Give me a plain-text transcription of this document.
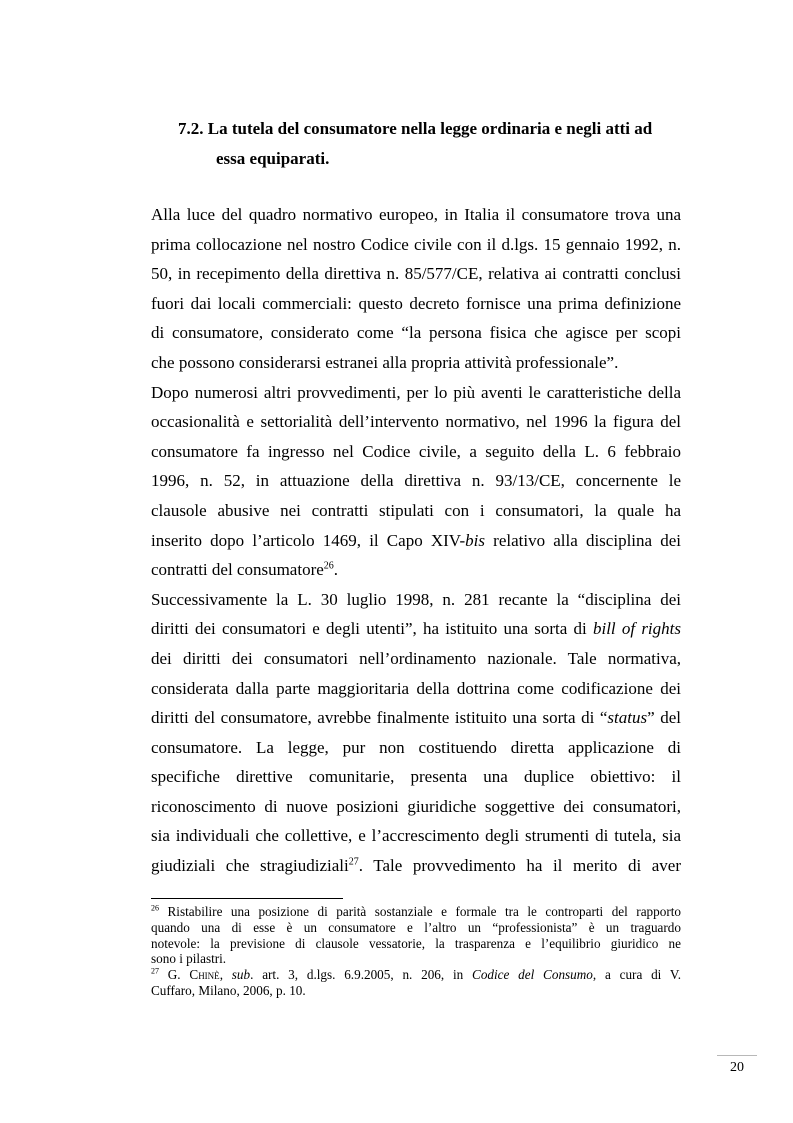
7.2. La tutela del consumatore nella legge ordinaria e negli atti ad
essa equiparati.

Alla luce del quadro normativo europeo, in Italia il consumatore trova una
prima collocazione nel nostro Codice civile con il d.lgs. 15 gennaio 1992, n.
50, in recepimento della direttiva n. 85/577/CE, relativa ai contratti conclusi
fuori dai locali commerciali: questo decreto fornisce una prima definizione
di consumatore, considerato come “la persona fisica che agisce per scopi
che possono considerarsi estranei alla propria attività professionale”.

Dopo numerosi altri provvedimenti, per lo più aventi le caratteristiche della
occasionalità e settorialità dell’intervento normativo, nel 1996 la figura del
consumatore fa ingresso nel Codice civile, a seguito della L. 6 febbraio
1996, n. 52, in attuazione della direttiva n. 93/13/CE, concernente le
clausole abusive nei contratti stipulati con i consumatori, la quale ha
inserito dopo l’articolo 1469, il Capo XIV-bis relativo alla disciplina dei
contratti del consumatore$^{26}$.

Successivamente la L. 30 luglio 1998, n. 281 recante la “disciplina dei
diritti dei consumatori e degli utenti”, ha istituito una sorta di bill of rights
dei diritti dei consumatori nell’ordinamento nazionale. Tale normativa,
considerata dalla parte maggioritaria della dottrina come codificazione dei
diritti del consumatore, avrebbe finalmente istituito una sorta di “status” del
consumatore. La legge, pur non costituendo diretta applicazione di
specifiche direttive comunitarie, presenta una duplice obiettivo: il
riconoscimento di nuove posizioni giuridiche soggettive dei consumatori,
sia individuali che collettive, e l’accrescimento degli strumenti di tutela, sia
giudiziali che stragiudiziali$^{27}$. Tale provvedimento ha il merito di aver

$^{26}$ Ristabilire una posizione di parità sostanziale e formale tra le controparti del rapporto
quando una di esse è un consumatore e l’altro un “professionista” è un traguardo
notevole: la previsione di clausole vessatorie, la trasparenza e l’equilibrio giuridico ne
sono i pilastri.
$^{27}$ G. Chinè, sub. art. 3, d.lgs. 6.9.2005, n. 206, in Codice del Consumo, a cura di V.
Cuffaro, Milano, 2006, p. 10.
20
